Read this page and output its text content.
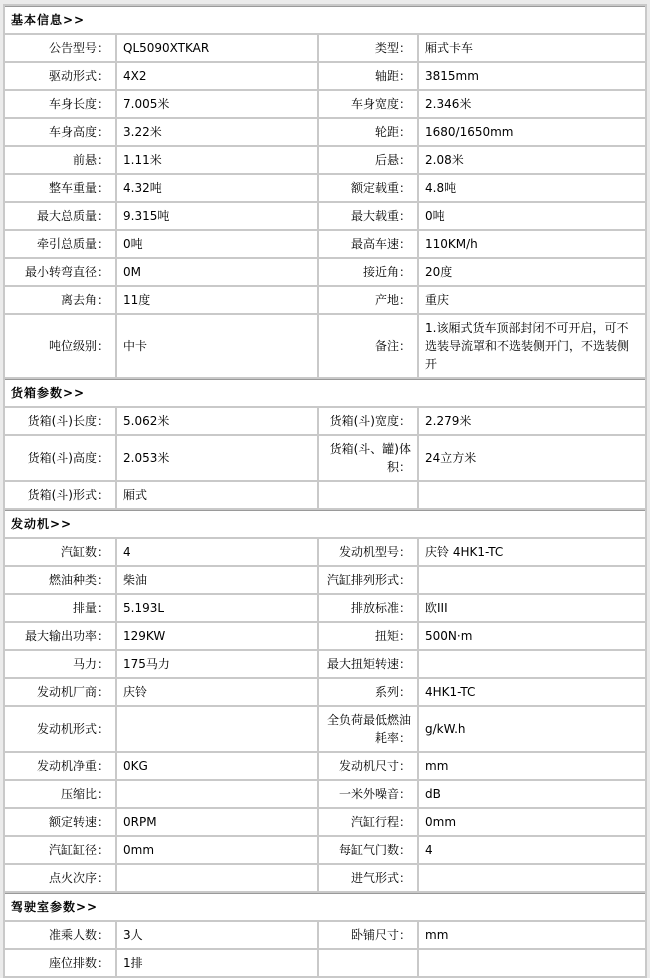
基本信息>>			
公告型号：	QL5090XTKAR	类型：	厢式卡车
驱动形式：	4X2	轴距：	3815mm
车身长度：	7.005米	车身宽度：	2.346米
车身高度：	3.22米	轮距：	1680/1650mm
前悬：	1.11米	后悬：	2.08米
整车重量：	4.32吨	额定载重：	4.8吨
最大总质量：	9.315吨	最大载重：	0吨
牵引总质量：	0吨	最高车速：	110KM/h
最小转弯直径：	0M	接近角：	20度
离去角：	11度	产地：	重庆
吨位级别：	中卡	备注：	1.该厢式货车顶部封闭不可开启，可不选装导流罩和不选装侧开门，不选装侧开
货箱参数>>			
货箱(斗)长度：	5.062米	货箱(斗)宽度：	2.279米
货箱(斗)高度：	2.053米	货箱(斗、罐)体积：	24立方米
货箱(斗)形式：	厢式		
发动机>>			
汽缸数：	4	发动机型号：	庆铃 4HK1-TC
燃油种类：	柴油	汽缸排列形式：	
排量：	5.193L	排放标准：	欧III
最大输出功率：	129KW	扭矩：	500N·m
马力：	175马力	最大扭矩转速：	
发动机厂商：	庆铃	系列：	4HK1-TC
发动机形式：		全负荷最低燃油耗率：	g/kW.h
发动机净重：	0KG	发动机尺寸：	mm
压缩比：		一米外噪音：	dB
额定转速：	0RPM	汽缸行程：	0mm
汽缸缸径：	0mm	每缸气门数：	4
点火次序：		进气形式：	
驾驶室参数>>			
准乘人数：	3人	卧铺尺寸：	mm
座位排数：	1排		
